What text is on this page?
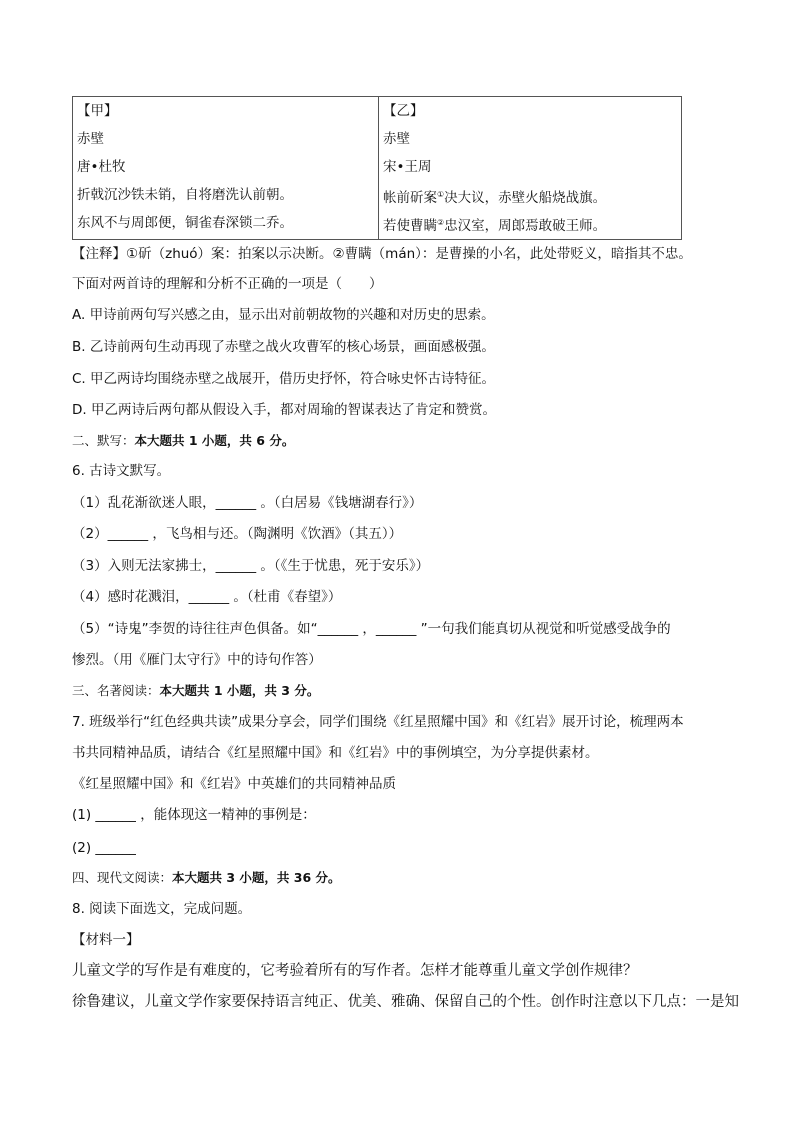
【甲】
赤壁
唐•杜牧
折戟沉沙铁未销，自将磨洗认前朝。
东风不与周郎便，铜雀春深锁二乔。

【乙】
赤壁
宋•王周
帐前斫案①决大议，赤壁火船烧战旗。
若使曹瞒②忠汉室，周郎焉敢破王师。
【注释】①斫（zhuó）案：拍案以示决断。②曹瞒（mán）：是曹操的小名，此处带贬义，暗指其不忠。
下面对两首诗的理解和分析不正确的一项是（　　）
A. 甲诗前两句写兴感之由，显示出对前朝故物的兴趣和对历史的思索。
B. 乙诗前两句生动再现了赤壁之战火攻曹军的核心场景，画面感极强。
C. 甲乙两诗均围绕赤壁之战展开，借历史抒怀，符合咏史怀古诗特征。
D. 甲乙两诗后两句都从假设入手，都对周瑜的智谋表达了肯定和赞赏。
二、默写：本大题共 1 小题，共 6 分。
6. 古诗文默写。
（1）乱花渐欲迷人眼，______ 。（白居易《钱塘湖春行》）
（2）______ ，飞鸟相与还。（陶渊明《饮酒》（其五））
（3）入则无法家拂士，______ 。（《生于忧患，死于安乐》）
（4）感时花溅泪，______ 。（杜甫《春望》）
（5）“诗鬼”李贺的诗往往声色俱备。如“______ ，______ ”一句我们能真切从视觉和听觉感受战争的
惨烈。（用《雁门太守行》中的诗句作答）
三、名著阅读：本大题共 1 小题，共 3 分。
7. 班级举行“红色经典共读”成果分享会，同学们围绕《红星照耀中国》和《红岩》展开讨论，梳理两本
书共同精神品质，请结合《红星照耀中国》和《红岩》中的事例填空，为分享提供素材。
《红星照耀中国》和《红岩》中英雄们的共同精神品质
(1) ______ ，能体现这一精神的事例是：
(2) ______
四、现代文阅读：本大题共 3 小题，共 36 分。
8. 阅读下面选文，完成问题。
【材料一】
儿童文学的写作是有难度的，它考验着所有的写作者。怎样才能尊重儿童文学创作规律？
徐鲁建议，儿童文学作家要保持语言纯正、优美、雅确、保留自己的个性。创作时注意以下几点：一是知
